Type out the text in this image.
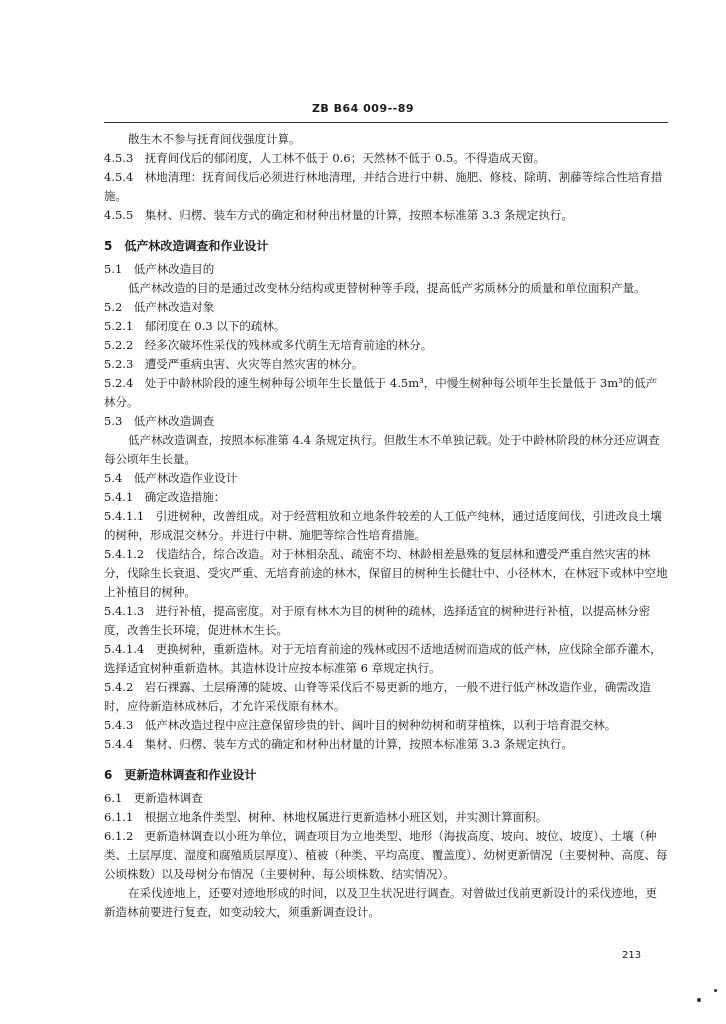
ZB B64 009--89

散生木不参与抚育间伐强度计算。

4.5.3　抚育间伐后的郁闭度，人工林不低于 0.6；天然林不低于 0.5。不得造成天窗。

4.5.4　林地清理：抚育间伐后必须进行林地清理，并结合进行中耕、施肥、修枝、除萌、割藤等综合性培育措施。

4.5.5　集材、归楞、装车方式的确定和材种出材量的计算，按照本标准第 3.3 条规定执行。

5　低产林改造调查和作业设计

5.1　低产林改造目的

低产林改造的目的是通过改变林分结构或更替树种等手段，提高低产劣质林分的质量和单位面积产量。

5.2　低产林改造对象

5.2.1　郁闭度在 0.3 以下的疏林。

5.2.2　经多次破坏性采伐的残林或多代萌生无培育前途的林分。

5.2.3　遭受严重病虫害、火灾等自然灾害的林分。

5.2.4　处于中龄林阶段的速生树种每公顷年生长量低于 4.5m³，中慢生树种每公顷年生长量低于 3m³的低产林分。

5.3　低产林改造调查

低产林改造调查，按照本标准第 4.4 条规定执行。但散生木不单独记载。处于中龄林阶段的林分还应调查每公顷年生长量。

5.4　低产林改造作业设计

5.4.1　确定改造措施：

5.4.1.1　引进树种，改善组成。对于经营粗放和立地条件较差的人工低产纯林，通过适度间伐，引进改良土壤的树种，形成混交林分。并进行中耕、施肥等综合性培育措施。

5.4.1.2　伐造结合，综合改造。对于林相杂乱、疏密不均、林龄相差悬殊的复层林和遭受严重自然灾害的林分，伐除生长衰退、受灾严重、无培育前途的林木，保留目的树种生长健壮中、小径林木，在林冠下或林中空地上补植目的树种。

5.4.1.3　进行补植，提高密度。对于原有林木为目的树种的疏林，选择适宜的树种进行补植，以提高林分密度，改善生长环境，促进林木生长。

5.4.1.4　更换树种，重新造林。对于无培育前途的残林或因不适地适树而造成的低产林，应伐除全部乔灌木，选择适宜树种重新造林。其造林设计应按本标准第 6 章规定执行。

5.4.2　岩石裸露、土层瘠薄的陡坡、山脊等采伐后不易更新的地方，一般不进行低产林改造作业，确需改造时，应待新造林成林后，才允许采伐原有林木。

5.4.3　低产林改造过程中应注意保留珍贵的针、阔叶目的树种幼树和萌芽植株，以利于培育混交林。

5.4.4　集材、归楞、装车方式的确定和材种出材量的计算，按照本标准第 3.3 条规定执行。

6　更新造林调查和作业设计

6.1　更新造林调查

6.1.1　根据立地条件类型、树种、林地权属进行更新造林小班区划，并实测计算面积。

6.1.2　更新造林调查以小班为单位，调查项目为立地类型、地形（海拔高度、坡向、坡位、坡度）、土壤（种类、土层厚度、湿度和腐殖质层厚度）、植被（种类、平均高度、覆盖度）、幼树更新情况（主要树种、高度、每公顷株数）以及母树分布情况（主要树种、每公顷株数、结实情况）。

在采伐迹地上，还要对迹地形成的时间，以及卫生状况进行调查。对曾做过伐前更新设计的采伐迹地，更新造林前要进行复查，如变动较大，须重新调查设计。

213
